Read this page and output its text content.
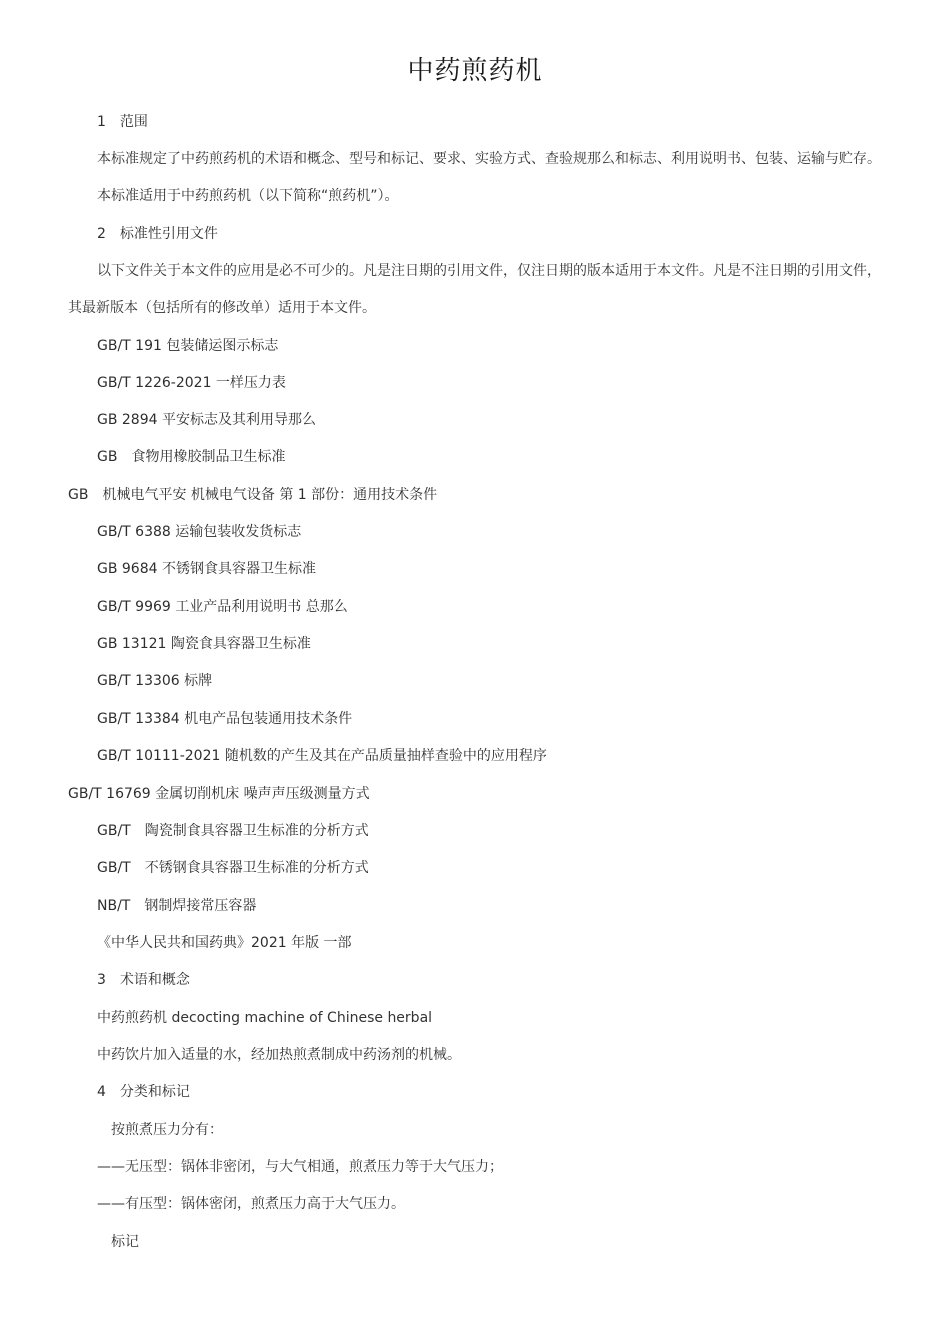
中药煎药机
1　范围
本标准规定了中药煎药机的术语和概念、型号和标记、要求、实验方式、查验规那么和标志、利用说明书、包装、运输与贮存。
本标准适用于中药煎药机（以下简称“煎药机”）。
2　标准性引用文件
以下文件关于本文件的应用是必不可少的。凡是注日期的引用文件，仅注日期的版本适用于本文件。凡是不注日期的引用文件，
其最新版本（包括所有的修改单）适用于本文件。
GB/T 191 包装储运图示标志
GB/T 1226-2021 一样压力表
GB 2894 平安标志及其利用导那么
GB　食物用橡胶制品卫生标准
GB　机械电气平安 机械电气设备 第 1 部份：通用技术条件
GB/T 6388 运输包装收发货标志
GB 9684 不锈钢食具容器卫生标准
GB/T 9969 工业产品利用说明书 总那么
GB 13121 陶瓷食具容器卫生标准
GB/T 13306 标牌
GB/T 13384 机电产品包装通用技术条件
GB/T 10111-2021 随机数的产生及其在产品质量抽样查验中的应用程序
GB/T 16769 金属切削机床 噪声声压级测量方式
GB/T　陶瓷制食具容器卫生标准的分析方式
GB/T　不锈钢食具容器卫生标准的分析方式
NB/T　钢制焊接常压容器
《中华人民共和国药典》2021 年版 一部
3　术语和概念
中药煎药机 decocting machine of Chinese herbal
中药饮片加入适量的水，经加热煎煮制成中药汤剂的机械。
4　分类和标记
按煎煮压力分有：
——无压型：锅体非密闭，与大气相通，煎煮压力等于大气压力；
——有压型：锅体密闭，煎煮压力高于大气压力。
标记
